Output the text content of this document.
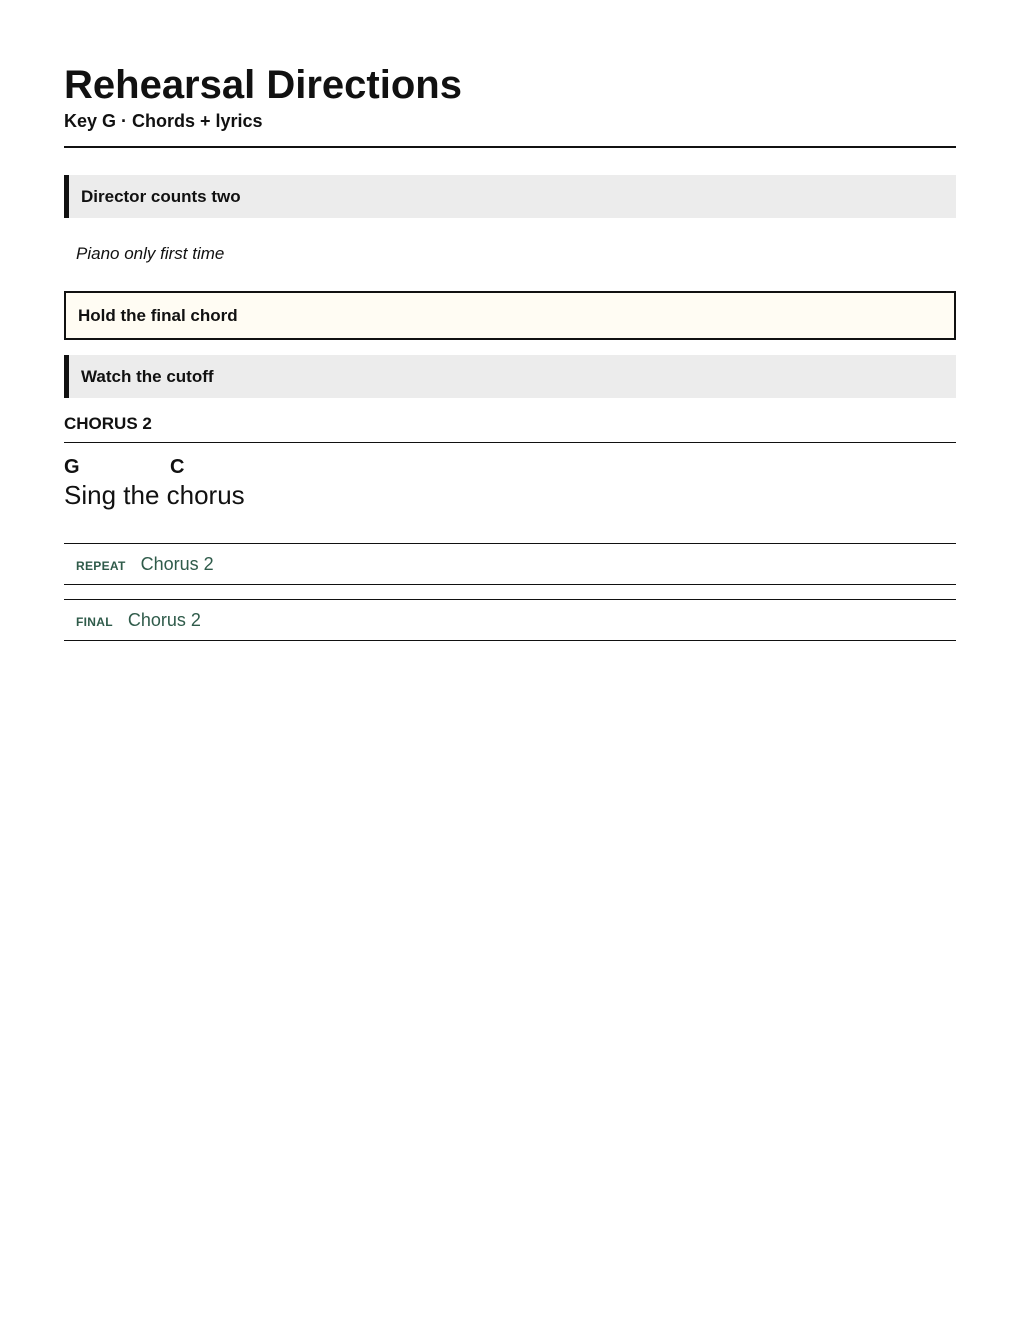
Rehearsal Directions
Key G · Chords + lyrics
Director counts two
Piano only first time
Hold the final chord
Watch the cutoff
CHORUS 2
G	C
Sing the chorus
REPEAT Chorus 2
FINAL Chorus 2
